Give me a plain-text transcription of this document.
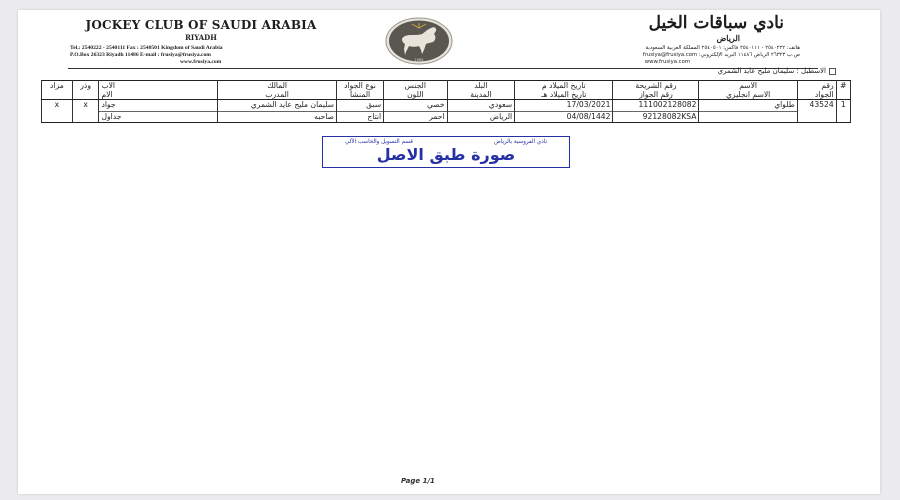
JOCKEY CLUB OF SAUDI ARABIA
RIYADH
Tel.: 2540222 - 2540111 Fax : 2540501 Kingdom of Saudi Arabia
P.O.Box 26323 Riyadh 11486 E-mail : frusiya@frusiya.com
www.frusiya.com	1965
نادي سباقات الخيل
الرياض
هاتف: ٢٥٤٠٢٢٢ - ٢٥٤٠١١١ فاكس: ٢٥٤٠٥٠١ المملكة العربية السعودية
ص.ب ٢٦٣٢٣ الرياض ١١٤٨٦ البريد الإلكتروني: frusiya@frusiya.com
www.frusiya.com
الاسطبل : سليمان مليح عايد الشمري
#	رقم	الاسم	رقم الشريحة	تاريخ الميلاد م	البلد	الجنس	نوع الجواد	المالك	الاب	وذر	مزاد
	الجواد	الاسم انجليزي	رقم الجواز	تاريخ الميلاد هـ	المدينة	اللون	المنشأ	المدرب	الام		
1	43524	طلواي	111002128082	17/03/2021	سعودي	خصي	سبق	سليمان مليح عايد الشمري	جواد	x	x
			92128082KSA	04/08/1442	الرياض	احمر	انتاج	صاحبه	جداول		
نادي الفروسية بالرياض
قسم التسويل والحاسب الآلي
صورة طبق الاصل
Page 1/1
